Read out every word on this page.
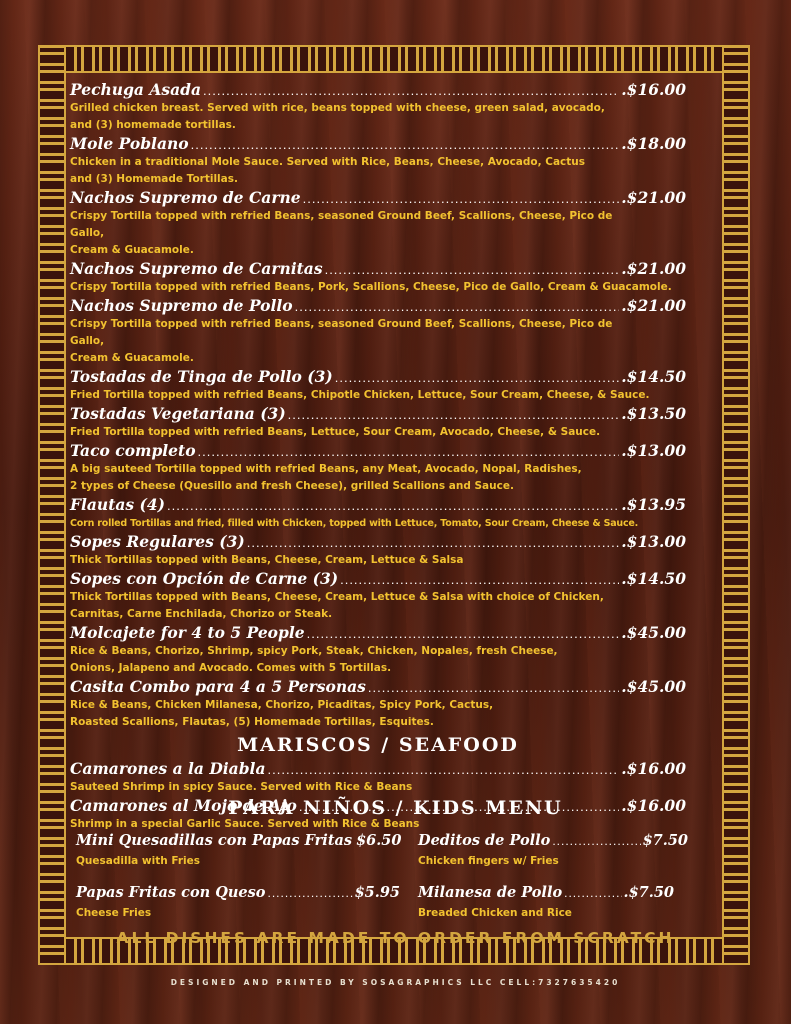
Pechuga Asada .....	.$16.00
Grilled chicken breast. Served with rice, beans topped with cheese, green salad, avocado,
and (3) homemade tortillas.
Mole Poblano .....	.$18.00
Chicken in a traditional Mole Sauce. Served with Rice, Beans, Cheese, Avocado, Cactus
and (3) Homemade Tortillas.
Nachos Supremo de Carne .....	.$21.00
Crispy Tortilla topped with refried Beans, seasoned Ground Beef, Scallions, Cheese, Pico de Gallo,
Cream & Guacamole.
Nachos Supremo de Carnitas .....	.$21.00
Crispy Tortilla topped with refried Beans, Pork, Scallions, Cheese, Pico de Gallo, Cream & Guacamole.
Nachos Supremo de Pollo .....	.$21.00
Crispy Tortilla topped with refried Beans, seasoned Ground Beef, Scallions, Cheese, Pico de Gallo,
Cream & Guacamole.
Tostadas de Tinga de Pollo (3) .....	.$14.50
Fried Tortilla topped with refried Beans, Chipotle Chicken, Lettuce, Sour Cream, Cheese, & Sauce.
Tostadas Vegetariana (3) .....	.$13.50
Fried Tortilla topped with refried Beans, Lettuce, Sour Cream, Avocado, Cheese, & Sauce.
Taco completo .....	.$13.00
A big sauteed Tortilla topped with refried Beans, any Meat, Avocado, Nopal, Radishes,
2 types of Cheese (Quesillo and fresh Cheese), grilled Scallions and Sauce.
Flautas (4) .....	.$13.95
Corn rolled Tortillas and fried, filled with Chicken, topped with Lettuce, Tomato, Sour Cream, Cheese & Sauce.
Sopes Regulares (3) .....	.$13.00
Thick Tortillas topped with Beans, Cheese, Cream, Lettuce & Salsa
Sopes con Opción de Carne (3) .....	.$14.50
Thick Tortillas topped with Beans, Cheese, Cream, Lettuce & Salsa with choice of Chicken,
Carnitas, Carne Enchilada, Chorizo or Steak.
Molcajete for 4 to 5 People .....	.$45.00
Rice & Beans, Chorizo, Shrimp, spicy Pork, Steak, Chicken, Nopales, fresh Cheese,
Onions, Jalapeno and Avocado. Comes with 5 Tortillas.
Casita Combo para 4 a 5 Personas .....	.$45.00
Rice & Beans, Chicken Milanesa, Chorizo, Picaditas, Spicy Pork, Cactus,
Roasted Scallions, Flautas, (5) Homemade Tortillas, Esquites.
MARISCOS / SEAFOOD
Camarones a la Diabla .....	.$16.00
Sauteed Shrimp in spicy Sauce. Served with Rice & Beans
Camarones al Mojo de Ajo .....	.$16.00
Shrimp in a special Garlic Sauce. Served with Rice & Beans
PARA NIÑOS / KIDS MENU
Mini Quesadillas con Papas Fritas $6.50
Quesadilla with Fries
Deditos de Pollo .....	$7.50
Chicken fingers w/ Fries
Papas Fritas con Queso .....	$5.95
Cheese Fries
Milanesa de Pollo .....	.$7.50
Breaded Chicken and Rice
ALL DISHES ARE MADE TO ORDER FROM SCRATCH
DESIGNED AND PRINTED BY SOSAGRAPHICS LLC CELL:7327635420
